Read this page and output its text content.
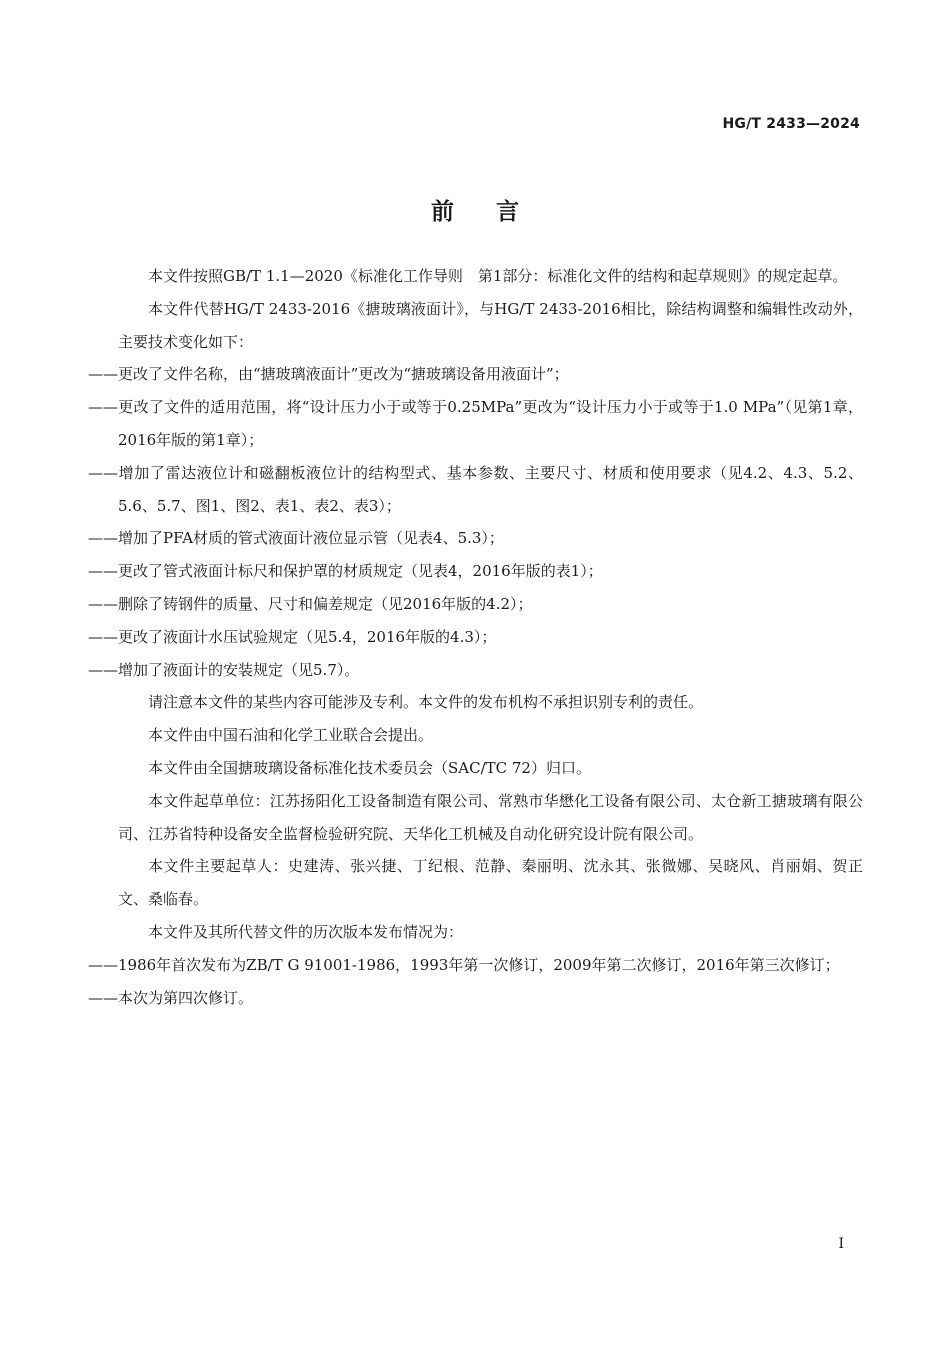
HG/T 2433—2024
前言

本文件按照GB/T 1.1—2020《标准化工作导则　第1部分：标准化文件的结构和起草规则》的规定起草。

本文件代替HG/T 2433-2016《搪玻璃液面计》，与HG/T 2433-2016相比，除结构调整和编辑性改动外，主要技术变化如下：

——更改了文件名称，由“搪玻璃液面计”更改为“搪玻璃设备用液面计”；

——更改了文件的适用范围，将“设计压力小于或等于0.25MPa”更改为“设计压力小于或等于1.0 MPa”（见第1章，2016年版的第1章）；

——增加了雷达液位计和磁翻板液位计的结构型式、基本参数、主要尺寸、材质和使用要求（见4.2、4.3、5.2、5.6、5.7、图1、图2、表1、表2、表3）；

——增加了PFA材质的管式液面计液位显示管（见表4、5.3）；

——更改了管式液面计标尺和保护罩的材质规定（见表4，2016年版的表1）；

——删除了铸钢件的质量、尺寸和偏差规定（见2016年版的4.2）；

——更改了液面计水压试验规定（见5.4，2016年版的4.3）；

——增加了液面计的安装规定（见5.7）。

请注意本文件的某些内容可能涉及专利。本文件的发布机构不承担识别专利的责任。

本文件由中国石油和化学工业联合会提出。

本文件由全国搪玻璃设备标准化技术委员会（SAC/TC 72）归口。

本文件起草单位：江苏扬阳化工设备制造有限公司、常熟市华懋化工设备有限公司、太仓新工搪玻璃有限公司、江苏省特种设备安全监督检验研究院、天华化工机械及自动化研究设计院有限公司。

本文件主要起草人：史建涛、张兴捷、丁纪根、范静、秦丽明、沈永其、张微娜、吴晓风、肖丽娟、贺正文、桑临春。

本文件及其所代替文件的历次版本发布情况为：

——1986年首次发布为ZB/T G 91001-1986，1993年第一次修订，2009年第二次修订，2016年第三次修订；

——本次为第四次修订。

I
